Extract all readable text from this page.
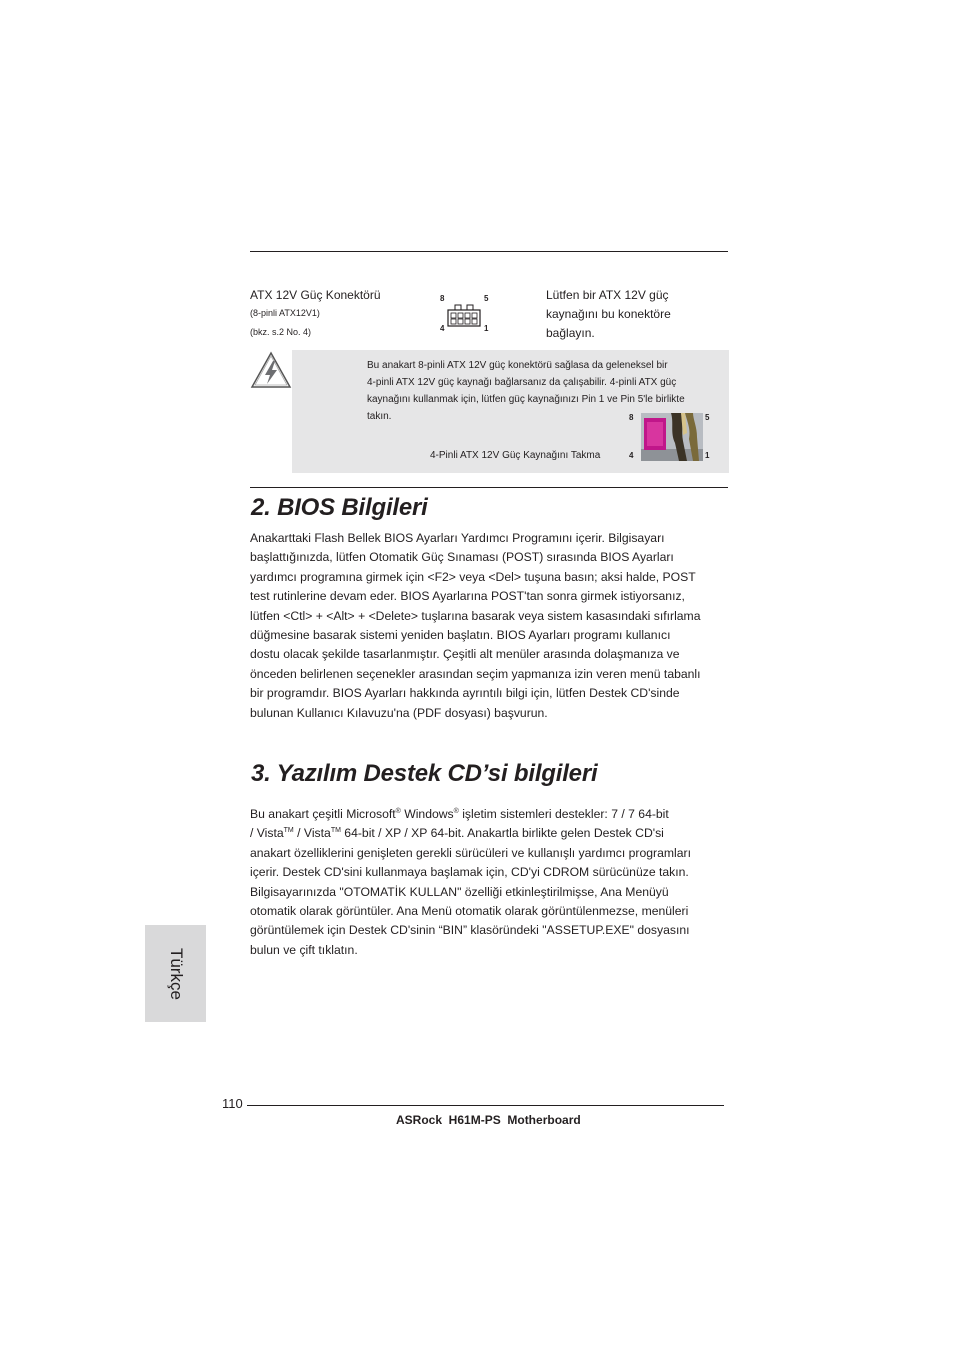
ATX 12V Güç Konektörü
(8-pinli ATX12V1)
(bkz. s.2 No. 4)
8	5
4	1
Lütfen bir ATX 12V güç
kaynağını bu konektöre
bağlayın.
Bu anakart 8-pinli ATX 12V güç konektörü sağlasa da geleneksel bir
4-pinli ATX 12V güç kaynağı bağlarsanız da çalışabilir. 4-pinli ATX güç
kaynağını kullanmak için, lütfen güç kaynağınızı Pin 1 ve Pin 5'le birlikte
takın.
4-Pinli ATX 12V Güç Kaynağını Takma
8	5
4	1
2. BIOS Bilgileri
Anakarttaki Flash Bellek BIOS Ayarları Yardımcı Programını içerir. Bilgisayarı
başlattığınızda, lütfen Otomatik Güç Sınaması (POST) sırasında BIOS Ayarları
yardımcı programına girmek için <F2> veya <Del> tuşuna basın; aksi halde, POST
test rutinlerine devam eder. BIOS Ayarlarına POST'tan sonra girmek istiyorsanız,
lütfen <Ctl> + <Alt> + <Delete> tuşlarına basarak veya sistem kasasındaki sıfırlama
düğmesine basarak sistemi yeniden başlatın. BIOS Ayarları programı kullanıcı
dostu olacak şekilde tasarlanmıştır. Çeşitli alt menüler arasında dolaşmanıza ve
önceden belirlenen seçenekler arasından seçim yapmanıza izin veren menü tabanlı
bir programdır. BIOS Ayarları hakkında ayrıntılı bilgi için, lütfen Destek CD'sinde
bulunan Kullanıcı Kılavuzu'na (PDF dosyası) başvurun.
3. Yazılım Destek CD’si bilgileri
Bu anakart çeşitli Microsoft® Windows® işletim sistemleri destekler: 7 / 7 64-bit
/ Vista™ / Vista™ 64-bit / XP / XP 64-bit. Anakartla birlikte gelen Destek CD'si
anakart özelliklerini genişleten gerekli sürücüleri ve kullanışlı yardımcı programları
içerir. Destek CD'sini kullanmaya başlamak için, CD'yi CDROM sürücünüze takın.
Bilgisayarınızda "OTOMATİK KULLAN" özelliği etkinleştirilmişse, Ana Menüyü
otomatik olarak görüntüler. Ana Menü otomatik olarak görüntülenmezse, menüleri
görüntülemek için Destek CD'sinin “BIN” klasöründeki "ASSETUP.EXE" dosyasını
bulun ve çift tıklatın.
Türkçe
110
ASRock  H61M-PS  Motherboard
